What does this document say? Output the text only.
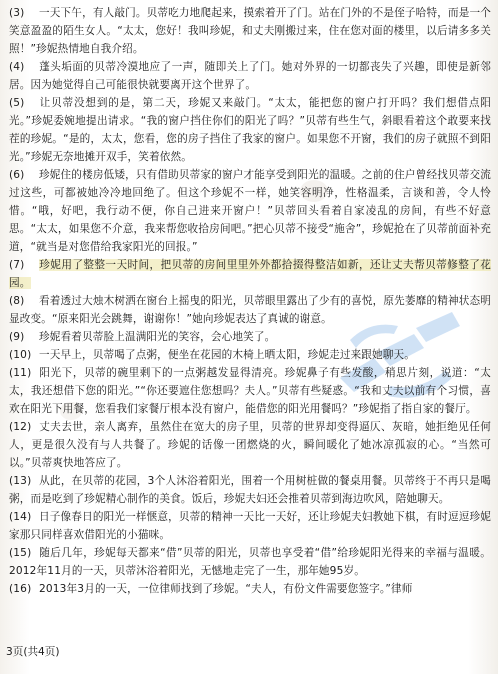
(3) 一天下午，有人敲门。贝蒂吃力地爬起来，摸索着开了门。站在门外的不是侄子哈特，而是一个笑意盈盈的陌生女人。“太太，您好！我叫珍妮，和丈夫刚搬过来，住在您对面的楼里，以后请多多关照！”珍妮热情地自我介绍。

(4) 蓬头垢面的贝蒂冷漠地应了一声，随即关上了门。她对外界的一切都丧失了兴趣，即使是新邻居。因为她觉得自己可能很快就要离开这个世界了。

(5) 让贝蒂没想到的是，第二天，珍妮又来敲门。“太太，能把您的窗户打开吗？我们想借点阳光。”珍妮委婉地提出请求。“我的窗户挡住你们的阳光了吗？”贝蒂有些生气，斜眼看着这个敢要来找茬的珍妮。“是的，太太，您看，您的房子挡住了我家的窗户。如果您不开窗，我们的房子就照不到阳光。”珍妮无奈地摊开双手，笑着依然。

(6) 珍妮住的楼房低矮，只有借助贝蒂家的窗户才能享受到阳光的温暖。之前的住户曾经找贝蒂交流过这些，可都被她冷冷地回绝了。但这个珍妮不一样，她笑容明净，性格温柔，言谈和善，令人怜惜。“哦，好吧，我行动不便，你自己进来开窗户！”贝蒂回头看着自家凌乱的房间，有些不好意思。“太太，如果您不介意，我来帮您收拾房间吧。”把心贝蒂不接受“施舍”，珍妮抢在了贝蒂前面补充道，“就当是对您借给我家阳光的回报。”

(7) 珍妮用了整整一天时间，把贝蒂的房间里里外外都拾掇得整洁如新，还让丈夫帮贝蒂修整了花园。

(8) 看着透过大烛木树洒在窗台上摇曳的阳光，贝蒂眼里露出了少有的喜悦，原先萎靡的精神状态明显改变。“原来阳光会跳舞，谢谢你！”她向珍妮表达了真诚的谢意。

(9) 珍妮看着贝蒂脸上温满阳光的笑容，会心地笑了。

(10) 一天早上，贝蒂喝了点粥，便坐在花园的木椅上晒太阳，珍妮走过来跟她聊天。

(11) 阳光下，贝蒂的碗里剩下的一点粥越发显得清亮。珍妮鼻子有些发酸，稍思片刻，说道：“太太，我还想借下您的阳光。”“你还要遮住您想吗？夫人。”贝蒂有些疑惑。“我和丈夫以前有个习惯，喜欢在阳光下用餐，您看我们家餐厅根本没有窗户，能借您的阳光用餐吗？”珍妮指了指自家的餐厅。

(12) 丈夫去世，亲人离弃，虽然住在宽大的房子里，贝蒂的世界却变得逼仄、灰暗，她拒绝见任何人，更是很久没有与人共餐了。珍妮的话像一团燃烧的火，瞬间暖化了她冰凉孤寂的心。“当然可以。”贝蒂爽快地答应了。

(13) 从此，在贝蒂的花园，3个人沐浴着阳光，围着一个用树桩做的餐桌用餐。贝蒂终于不再只是喝粥，而是吃到了珍妮精心制作的美食。饭后，珍妮夫妇还会推着贝蒂到海边吹风，陪她聊天。

(14) 日子像春日的阳光一样惬意，贝蒂的精神一天比一天好，还让珍妮夫妇教她下棋，有时逗逗珍妮家那只同样喜欢借阳光的小猫咪。

(15) 随后几年，珍妮每天都来“借”贝蒂的阳光，贝蒂也享受着“借”给珍妮阳光得来的幸福与温暖。2012年11月的一天，贝蒂沐浴着阳光，无憾地走完了一生，那年她95岁。

(16) 2013年3月的一天，一位律师找到了珍妮。“夫人，有份文件需要您签字。”律师

3页(共4页)
